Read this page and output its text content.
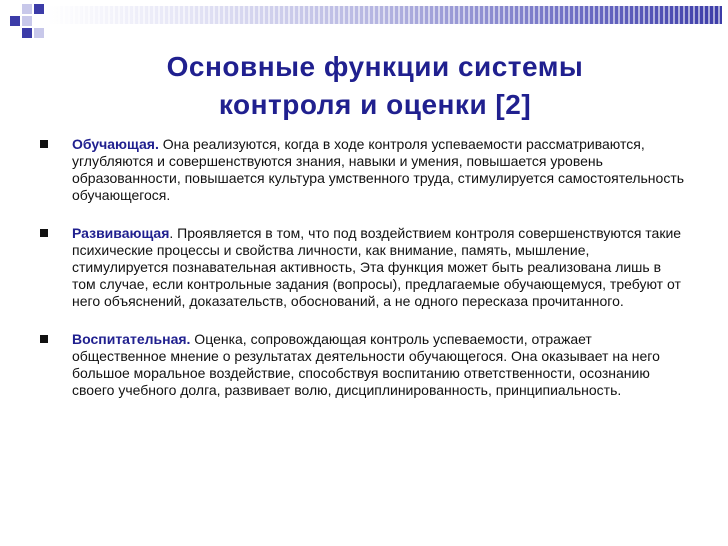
Основные функции системы
контроля и оценки [2]
Обучающая. Она реализуются, когда в ходе контроля успеваемости рассматриваются, углубляются и совершенствуются знания, навыки и умения, повышается уровень образованности, повышается культура умственного труда, стимулируется самостоятельность обучающегося.
Развивающая. Проявляется в том, что под воздействием контроля совершенствуются такие психические процессы и свойства личности, как внимание, память, мышление, стимулируется познавательная активность, Эта функция может быть реализована лишь в том случае, если контрольные задания (вопросы), предлагаемые обучающемуся, требуют от него объяснений, доказательств, обоснований, а не одного пересказа прочитанного.
Воспитательная. Оценка, сопровождающая контроль успеваемости, отражает общественное мнение о результатах деятельности обучающегося. Она оказывает на него большое моральное воздействие, способствуя воспитанию ответственности, осознанию своего учебного долга, развивает волю, дисциплинированность, принципиальность.
